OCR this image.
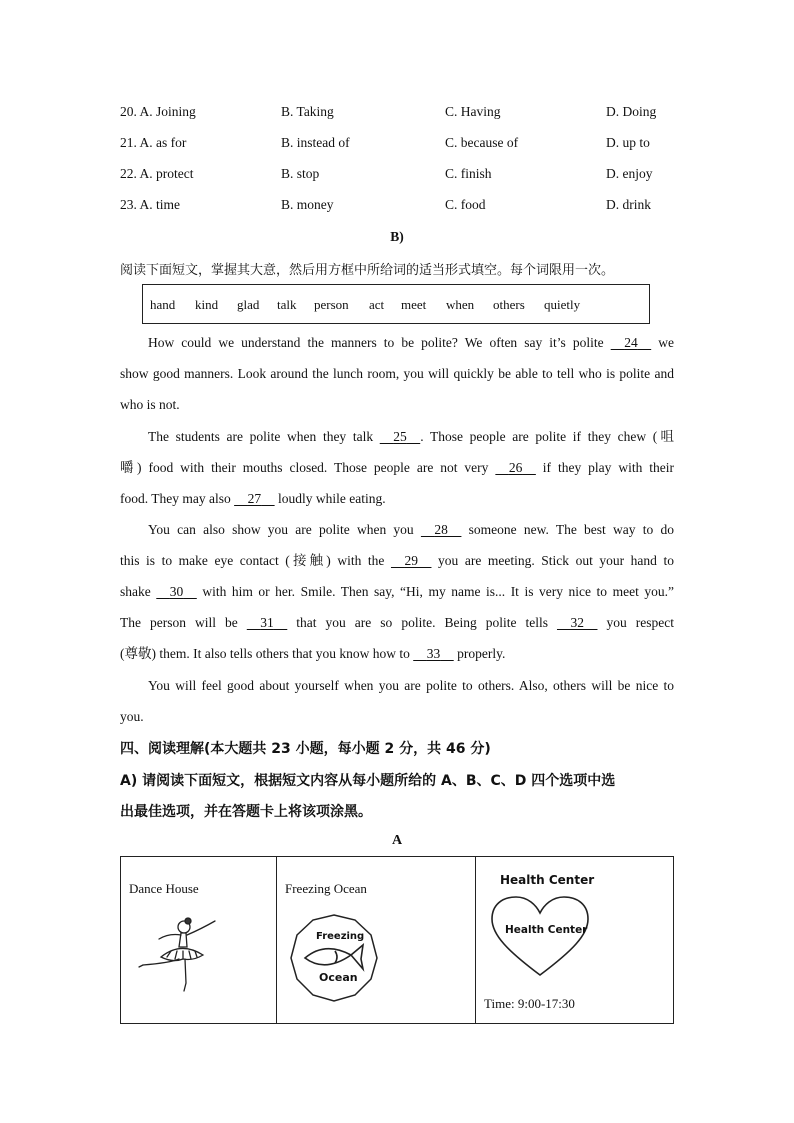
20. A. Joining	B. Taking	C. Having	D. Doing
21. A. as for	B. instead of	C. because of	D. up to
22. A. protect	B. stop	C. finish	D. enjoy
23. A. time	B. money	C. food	D. drink
B)
阅读下面短文，掌握其大意，然后用方框中所给词的适当形式填空。每个词限用一次。
hand kind glad talk person act meet when others quietly
How could we understand the manners to be polite? We often say it’s polite  24  we
show good manners. Look around the lunch room, you will quickly be able to tell who is polite and
who is not.
The students are polite when they talk  25  . Those people are polite if they chew (咀
嚼) food with their mouths closed. Those people are not very  26  if they play with their
food. They may also  27  loudly while eating.
You can also show you are polite when you  28  someone new. The best way to do
this is to make eye contact (接触) with the  29  you are meeting. Stick out your hand to
shake  30  with him or her. Smile. Then say, “Hi, my name is... It is very nice to meet you.”
The person will be  31  that you are so polite. Being polite tells  32  you respect
(尊敬) them. It also tells others that you know how to  33  properly.
You will feel good about yourself when you are polite to others. Also, others will be nice to
you.
四、阅读理解(本大题共 23 小题，每小题 2 分，共 46 分)
A) 请阅读下面短文，根据短文内容从每小题所给的 A、B、C、D 四个选项中选
出最佳选项，并在答题卡上将该项涂黑。
A
Dance House	Freezing Ocean
Freezing
Ocean
Health Center
Health Center
Time: 9:00-17:30
